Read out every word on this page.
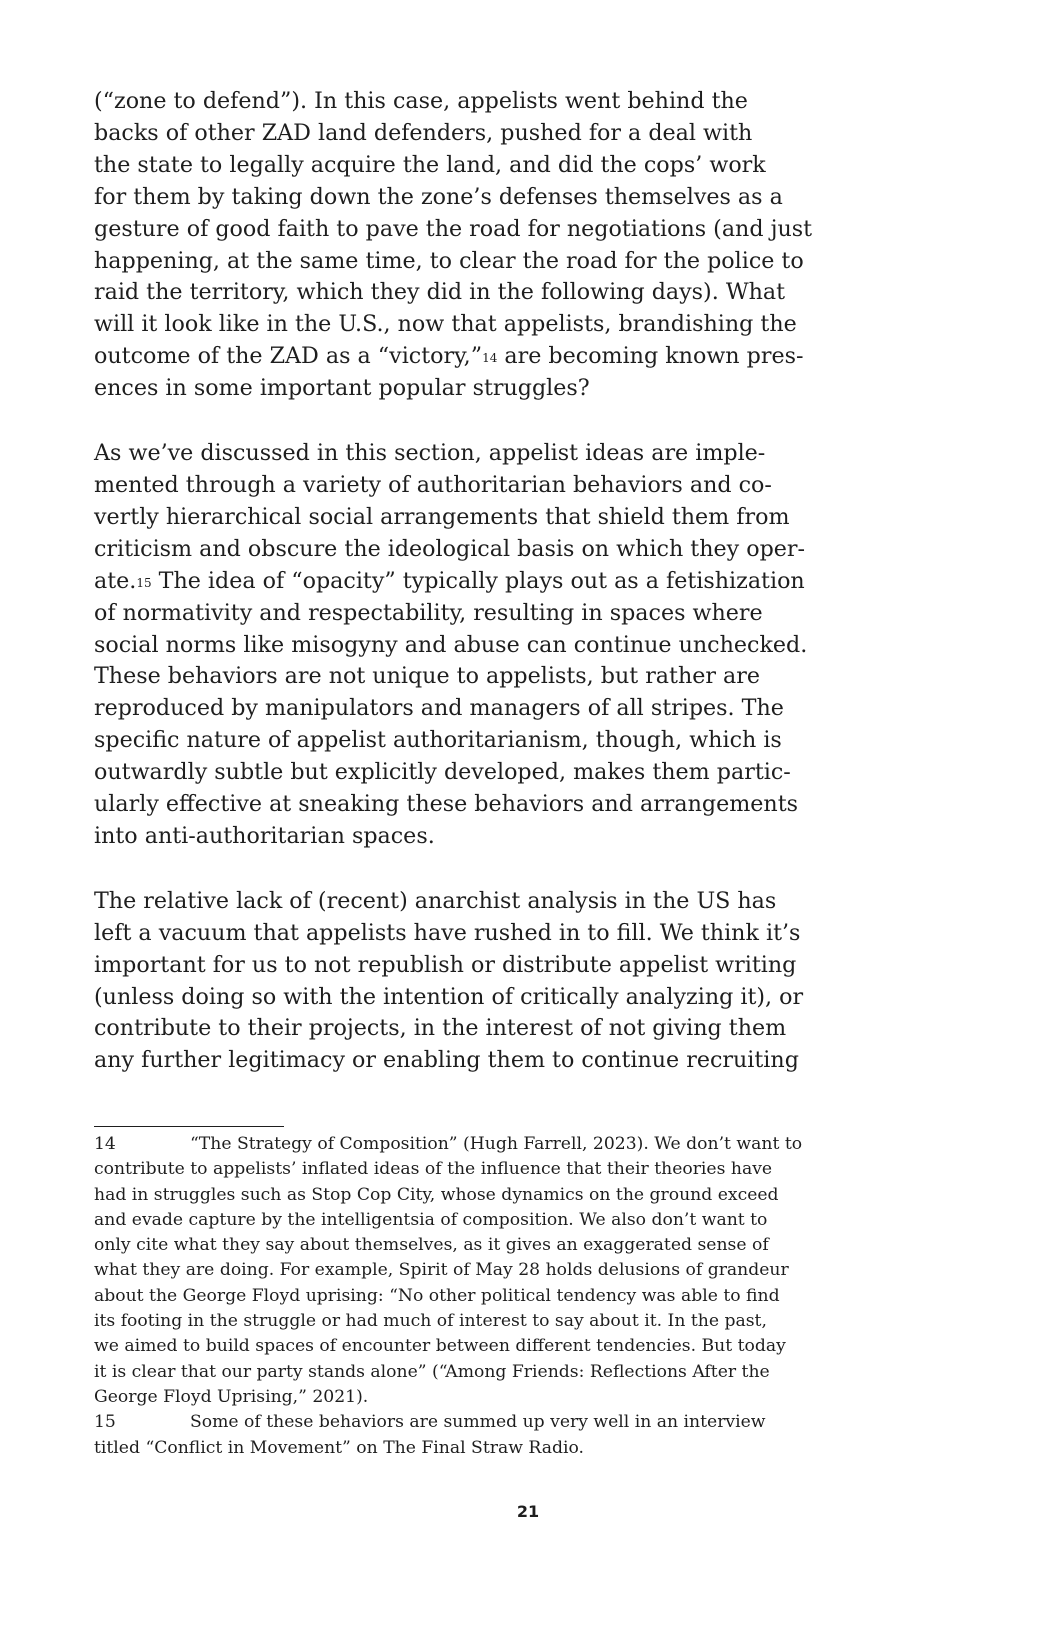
(“zone to defend”). In this case, appelists went behind the
backs of other ZAD land defenders, pushed for a deal with
the state to legally acquire the land, and did the cops’ work
for them by taking down the zone’s defenses themselves as a
gesture of good faith to pave the road for negotiations (and just
happening, at the same time, to clear the road for the police to
raid the territory, which they did in the following days). What
will it look like in the U.S., now that appelists, brandishing the
outcome of the ZAD as a “victory,”$^{14}$ are becoming known pres-
ences in some important popular struggles?

As we’ve discussed in this section, appelist ideas are imple-
mented through a variety of authoritarian behaviors and co-
vertly hierarchical social arrangements that shield them from
criticism and obscure the ideological basis on which they oper-
ate.$^{15}$ The idea of “opacity” typically plays out as a fetishization
of normativity and respectability, resulting in spaces where
social norms like misogyny and abuse can continue unchecked.
These behaviors are not unique to appelists, but rather are
reproduced by manipulators and managers of all stripes. The
specific nature of appelist authoritarianism, though, which is
outwardly subtle but explicitly developed, makes them partic-
ularly effective at sneaking these behaviors and arrangements
into anti-authoritarian spaces.

The relative lack of (recent) anarchist analysis in the US has
left a vacuum that appelists have rushed in to fill. We think it’s
important for us to not republish or distribute appelist writing
(unless doing so with the intention of critically analyzing it), or
contribute to their projects, in the interest of not giving them
any further legitimacy or enabling them to continue recruiting

14	“The Strategy of Composition” (Hugh Farrell, 2023). We don’t want to
contribute to appelists’ inflated ideas of the influence that their theories have
had in struggles such as Stop Cop City, whose dynamics on the ground exceed
and evade capture by the intelligentsia of composition. We also don’t want to
only cite what they say about themselves, as it gives an exaggerated sense of
what they are doing. For example, Spirit of May 28 holds delusions of grandeur
about the George Floyd uprising: “No other political tendency was able to find
its footing in the struggle or had much of interest to say about it. In the past,
we aimed to build spaces of encounter between different tendencies. But today
it is clear that our party stands alone” (“Among Friends: Reflections After the
George Floyd Uprising,” 2021).
15	Some of these behaviors are summed up very well in an interview
titled “Conflict in Movement” on The Final Straw Radio.
21
